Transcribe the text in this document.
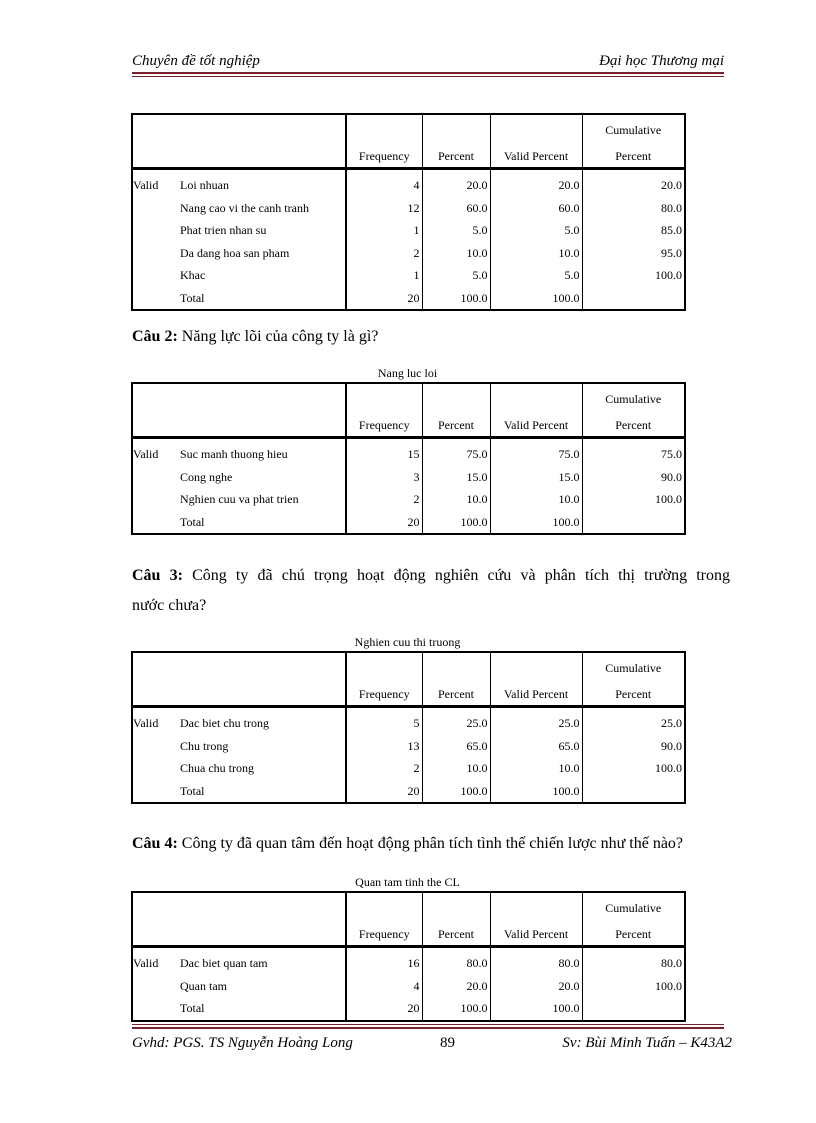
Chuyên đề tốt nghiệp	Đại học Thương mại
					Cumulative
		Frequency	Percent	Valid Percent	Percent
Valid	Loi nhuan	4	20.0	20.0	20.0
	Nang cao vi the canh tranh	12	60.0	60.0	80.0
	Phat trien nhan su	1	5.0	5.0	85.0
	Da dang hoa san pham	2	10.0	10.0	95.0
	Khac	1	5.0	5.0	100.0
	Total	20	100.0	100.0	
Câu 2: Năng lực lõi của công ty là gì?
Nang luc loi
					Cumulative
		Frequency	Percent	Valid Percent	Percent
Valid	Suc manh thuong hieu	15	75.0	75.0	75.0
	Cong nghe	3	15.0	15.0	90.0
	Nghien cuu va phat trien	2	10.0	10.0	100.0
	Total	20	100.0	100.0	
Câu 3: Công ty đã chú trọng hoạt động nghiên cứu và phân tích thị trường trong
nước chưa?
Nghien cuu thi truong
					Cumulative
		Frequency	Percent	Valid Percent	Percent
Valid	Dac biet chu trong	5	25.0	25.0	25.0
	Chu trong	13	65.0	65.0	90.0
	Chua chu trong	2	10.0	10.0	100.0
	Total	20	100.0	100.0	
Câu 4: Công ty đã quan tâm đến hoạt động phân tích tình thế chiến lược như thế nào?
Quan tam tinh the CL
					Cumulative
		Frequency	Percent	Valid Percent	Percent
Valid	Dac biet quan tam	16	80.0	80.0	80.0
	Quan tam	4	20.0	20.0	100.0
	Total	20	100.0	100.0	
Gvhd: PGS. TS Nguyễn Hoàng Long	89	Sv: Bùi Minh Tuấn – K43A2
